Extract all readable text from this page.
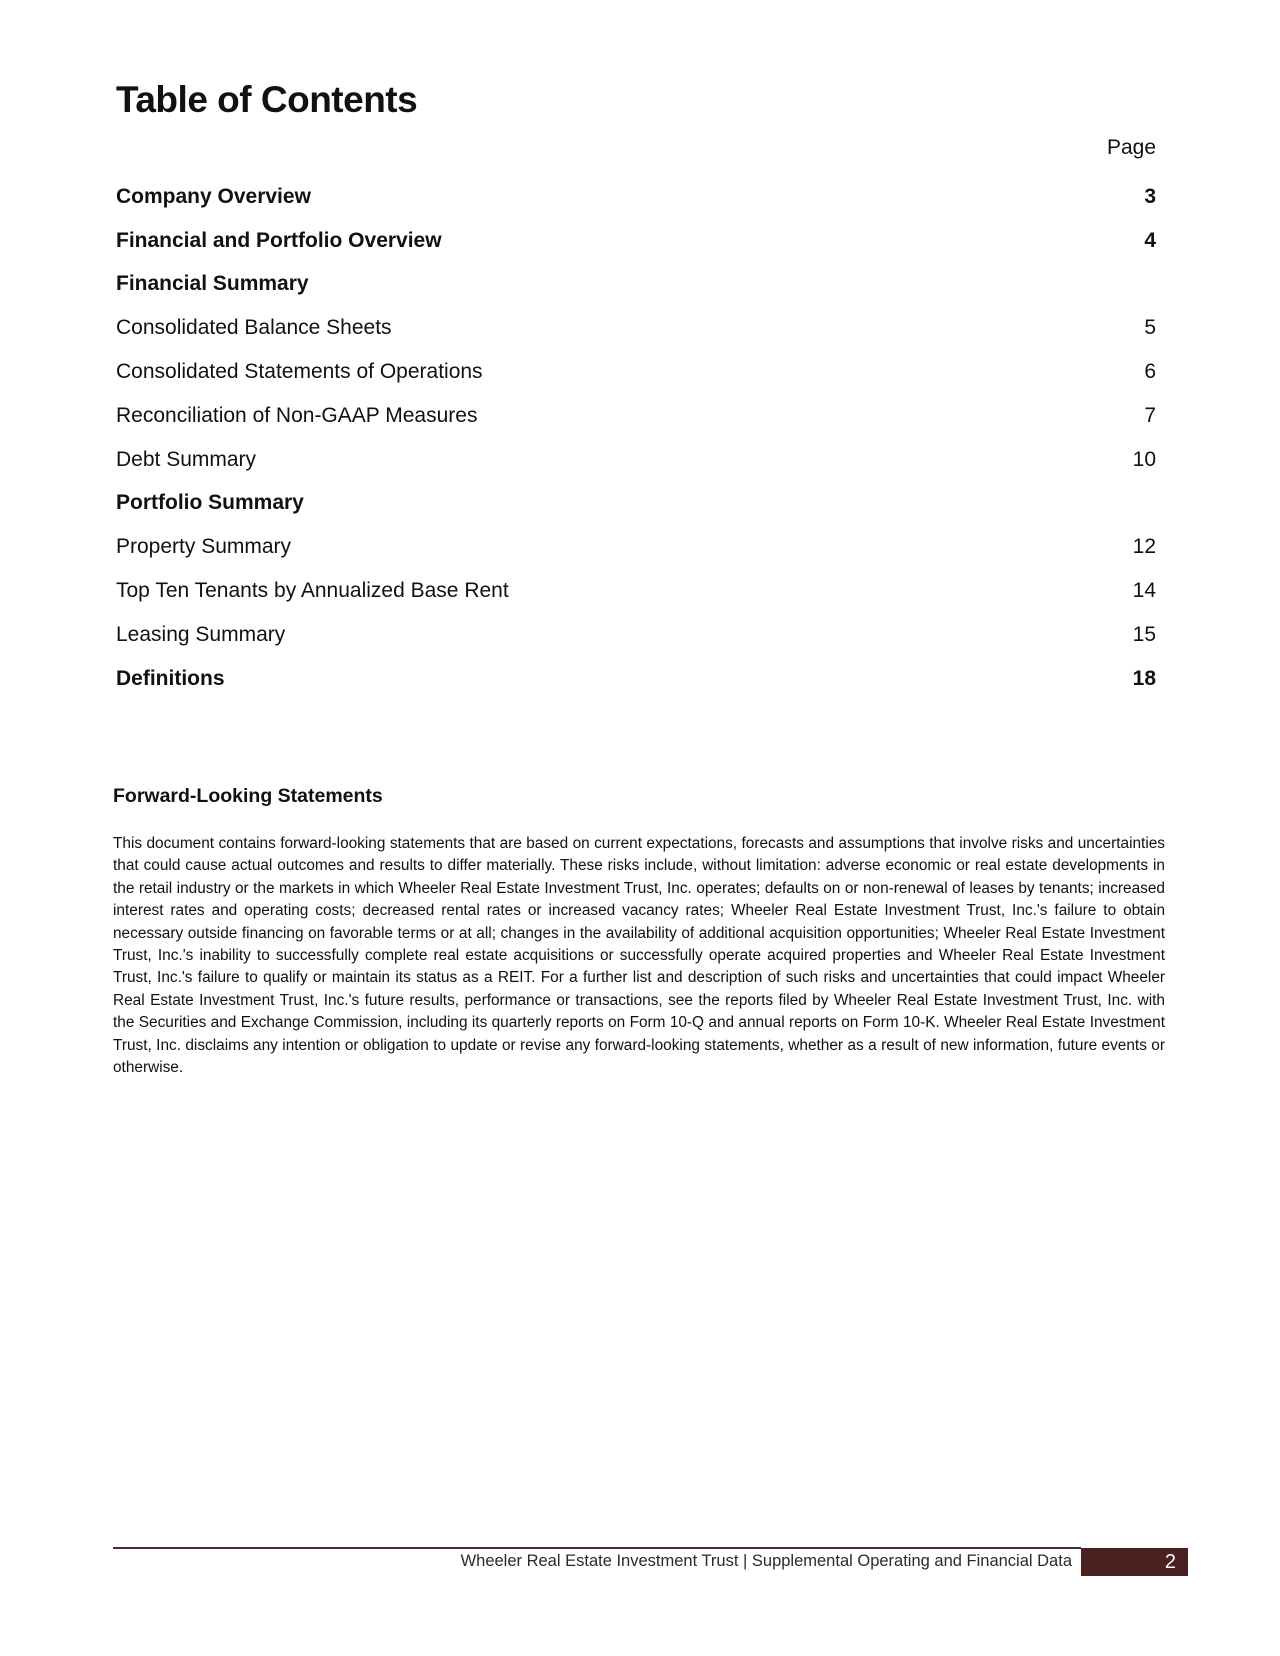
Table of Contents
Page
Company Overview	3
Financial and Portfolio Overview	4
Financial Summary
Consolidated Balance Sheets	5
Consolidated Statements of Operations	6
Reconciliation of Non-GAAP Measures	7
Debt Summary	10
Portfolio Summary
Property Summary	12
Top Ten Tenants by Annualized Base Rent	14
Leasing Summary	15
Definitions	18
Forward-Looking Statements

This document contains forward-looking statements that are based on current expectations, forecasts and assumptions that involve risks and uncertainties that could cause actual outcomes and results to differ materially. These risks include, without limitation: adverse economic or real estate developments in the retail industry or the markets in which Wheeler Real Estate Investment Trust, Inc. operates; defaults on or non-renewal of leases by tenants; increased interest rates and operating costs; decreased rental rates or increased vacancy rates; Wheeler Real Estate Investment Trust, Inc.'s failure to obtain necessary outside financing on favorable terms or at all; changes in the availability of additional acquisition opportunities; Wheeler Real Estate Investment Trust, Inc.'s inability to successfully complete real estate acquisitions or successfully operate acquired properties and Wheeler Real Estate Investment Trust, Inc.'s failure to qualify or maintain its status as a REIT. For a further list and description of such risks and uncertainties that could impact Wheeler Real Estate Investment Trust, Inc.'s future results, performance or transactions, see the reports filed by Wheeler Real Estate Investment Trust, Inc. with the Securities and Exchange Commission, including its quarterly reports on Form 10-Q and annual reports on Form 10-K. Wheeler Real Estate Investment Trust, Inc. disclaims any intention or obligation to update or revise any forward-looking statements, whether as a result of new information, future events or otherwise.

Wheeler Real Estate Investment Trust | Supplemental Operating and Financial Data	2
